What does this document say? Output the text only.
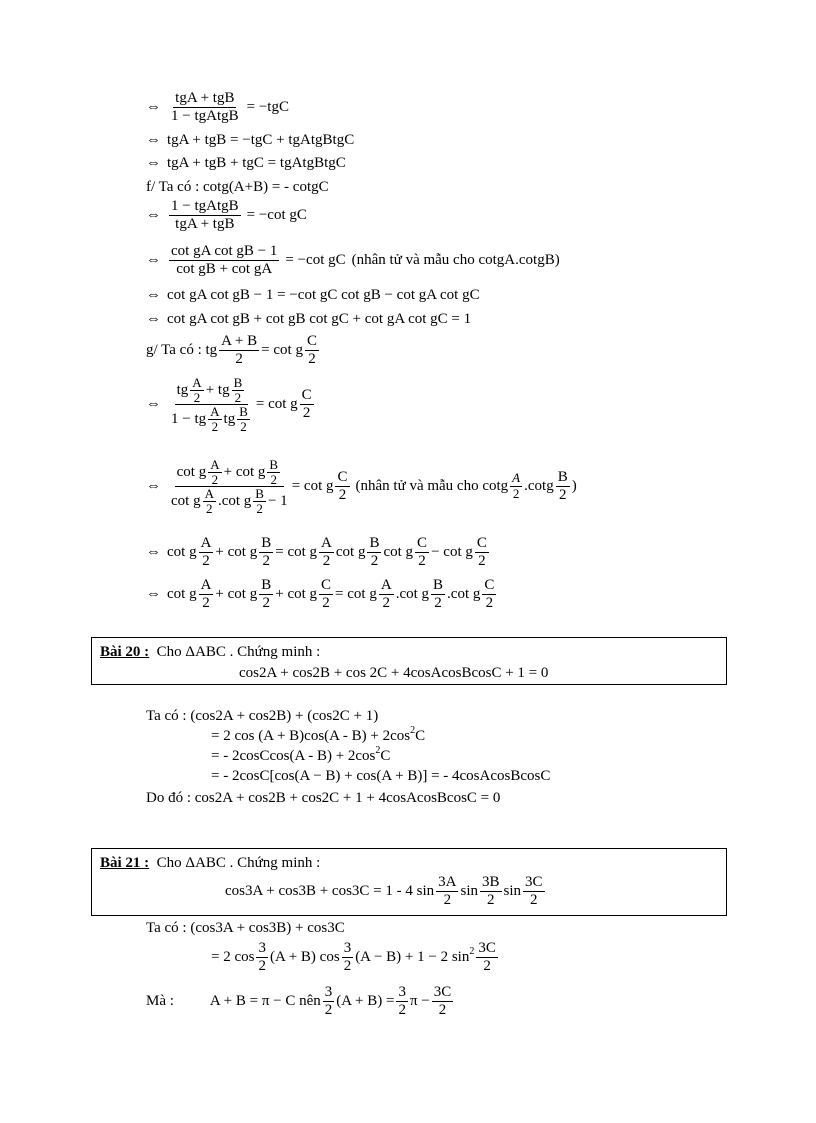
⇔
tgA + tgB
1 − tgAtgB
= −tgC
⇔ tgA + tgB = −tgC + tgAtgBtgC
⇔ tgA + tgB + tgC = tgAtgBtgC
f/ Ta có : cotg(A+B) = - cotgC
⇔
1 − tgAtgB
tgA + tgB
= −cot gC
⇔ $\frac{\text{cot gA cot gB − 1}}{\text{cot gB + cot gA}} = -\cot$ gC (nhân tử và mẫu cho cotgA.cotgB)
⇔ cot gA cot gB − 1 = −cot gC cot gB − cot gA cot gC
⇔ cot gA cot gB + cot gB cot gC + cot gA cot gC = 1
g/ Ta có :
tg $\frac{A + B}{2}$ =
cot g
C
2
⇔
tg A
2 +
tg B
2
1 −
tg A
2 tg B
2
=
cot g
C
2
⇔ cot g A
2 +
cot g B
2
cot g A
2 . cot g B
2 − 1 =
cot g
C
2
(nhân tử và mẫu cho cotg
A
2 .cotg
B
2
)
⇔ cot g
A
2
+
cot g $\frac{B}{2}$ =
cot g
A
2
cot g
B
2
cot g
C
2
−
cot g
C
2
⇔ cot g
A
2
+
cot g
B
2
+
cot g $\frac{C}{2}$ =
cot g
A
2
. cot g
B
2
. cot g
C
2
Bài 20 : Cho ΔABC . Chứng minh :
cos2A + cos2B + cos 2C + 4cosAcosBcosC + 1 = 0
Ta có : (cos2A + cos2B) + (cos2C + 1)
= 2 cos (A + B)cos(A - B) + 2cos 2 C
= - 2cosCcos(A - B) + 2cos 2 C
= - 2cosC[cos(A − B) + cos(A + B)] = - 4cosAcosBcosC
Do đó : cos2A + cos2B + cos2C + 1 + 4cosAcosBcosC = 0
Bài 21 : Cho ΔABC . Chứng minh :
cos3A + cos3B + cos3C = 1 - 4 sin
3A
2
sin
3B
2
sin
3C
2
Ta có : (cos3A + cos3B) + cos3C
= 2 cos
3
2
(A + B) cos
3
2
(A − B) + 1 − 2 sin 2 3C
2
Mà : A + B = π − C nên
3
2
$(A + B) = \frac{3}{2}$ $\pi - \frac{3C}{2}$
